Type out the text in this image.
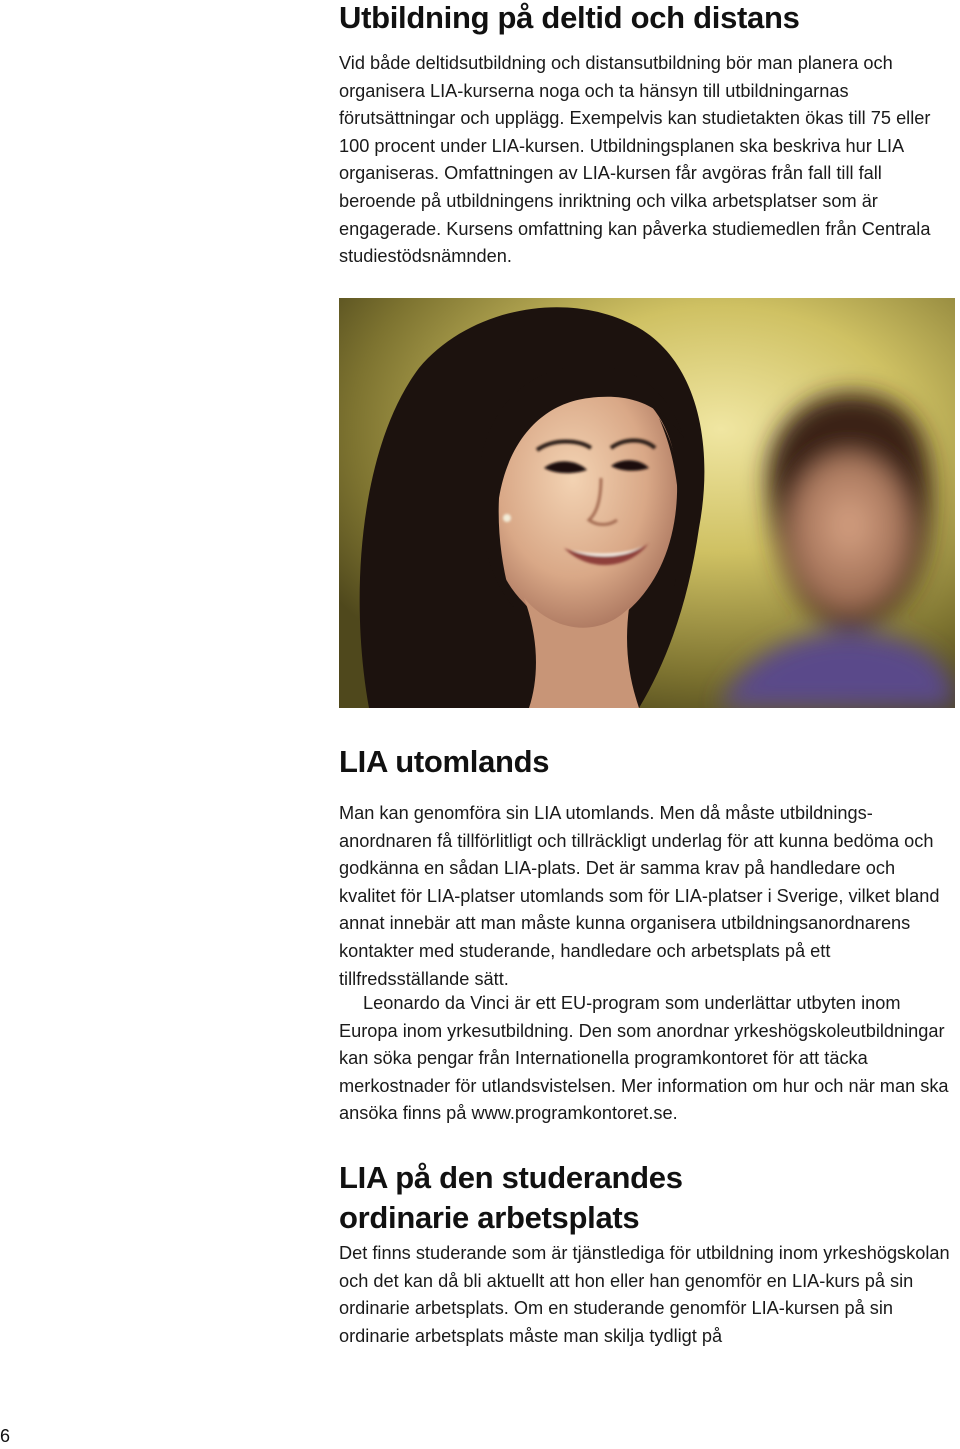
Utbildning på deltid och distans

Vid både deltidsutbildning och distansutbildning bör man planera och organisera LIA-kurserna noga och ta hänsyn till utbildningarnas förutsättningar och upplägg. Exempelvis kan studietakten ökas till 75 eller 100 procent under LIA-kursen. Utbildningsplanen ska beskriva hur LIA organiseras. Omfattningen av LIA-kursen får avgöras från fall till fall beroende på utbildningens inriktning och vilka arbetsplatser som är engagerade. Kursens omfattning kan påverka studiemedlen från Centrala studiestödsnämnden.

LIA utomlands

Man kan genomföra sin LIA utomlands. Men då måste utbildningsanordnaren få tillförlitligt och tillräckligt underlag för att kunna bedöma och godkänna en sådan LIA-plats. Det är samma krav på handledare och kvalitet för LIA-platser utomlands som för LIA-platser i Sverige, vilket bland annat innebär att man måste kunna organisera utbildningsanordnarens kontakter med studerande, handledare och arbetsplats på ett tillfredsställande sätt.

Leonardo da Vinci är ett EU-program som underlättar utbyten inom Europa inom yrkesutbildning. Den som anordnar yrkeshögskoleutbildningar kan söka pengar från Internationella programkontoret för att täcka merkostnader för utlandsvistelsen. Mer information om hur och när man ska ansöka finns på www.programkontoret.se.

LIA på den studerandes
ordinarie arbetsplats

Det finns studerande som är tjänstlediga för utbildning inom yrkeshögskolan och det kan då bli aktuellt att hon eller han genomför en LIA-kurs på sin ordinarie arbetsplats. Om en studerande genomför LIA-kursen på sin ordinarie arbetsplats måste man skilja tydligt på

6
